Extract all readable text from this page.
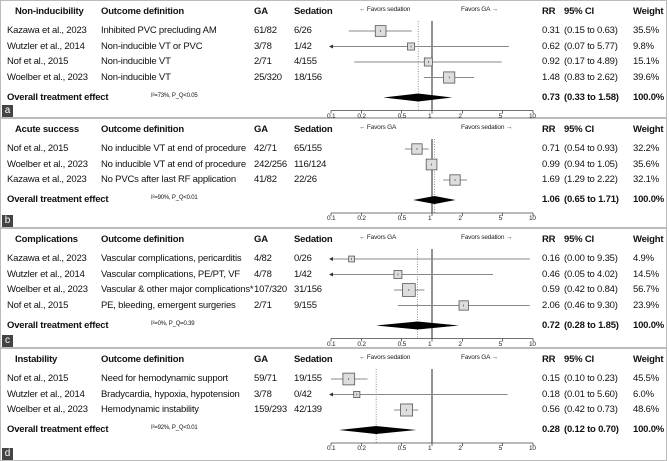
Non-inducibility Outcome definition	GA	Sedation	RR 95% CI	Weight
← Favors sedation	Favors GA →
Kazawa et al., 2023 Inhibited PVC precluding AM	61/82 6/26	0.31 (0.15 to 0.63) 35.5%
Wutzler et al., 2014 Non-inducible VT or PVC	3/78 1/42	0.62 (0.07 to 5.77) 9.8%
Nof et al., 2015	Non-inducible VT	2/71 4/155	0.92 (0.17 to 4.89) 15.1%
Woelber et al., 2023 Non-inducible VT	25/320 18/156	1.48 (0.83 to 2.62) 39.6%
Overall treatment effect	I²=73%, P_Q<0.05	0.73 (0.33 to 1.58) 100.0%
0.1	0.2	0.5	1	2	5	10
a
Acute success Outcome definition	GA	Sedation	RR 95% CI	Weight
← Favors GA	Favors sedation →
Nof et al., 2015	No inducible VT at end of procedure 42/71 65/155	0.71 (0.54 to 0.93) 32.2%
Woelber et al., 2023 No inducible VT at end of procedure 242/256 116/124	0.99 (0.94 to 1.05) 35.6%
Kazawa et al., 2023 No PVCs after last RF application 41/82 22/26	1.69 (1.29 to 2.22) 32.1%
Overall treatment effect	I²=90%, P_Q<0.01	1.06 (0.65 to 1.71) 100.0%
0.1	0.2	0.5	1	2	5	10
b
Complications Outcome definition	GA	Sedation	RR 95% CI	Weight
← Favors GA	Favors sedation →
Kazawa et al., 2023 Vascular complications, pericarditis 4/82 0/26	0.16 (0.00 to 9.35) 4.9%
Wutzler et al., 2014 Vascular complications, PE/PT, VF 4/78 1/42	0.46 (0.05 to 4.02) 14.5%
Woelber et al., 2023 Vascular & other major complications* 107/320 31/156	0.59 (0.42 to 0.84) 56.7%
Nof et al., 2015	PE, bleeding, emergent surgeries 2/71 9/155	2.06 (0.46 to 9.30) 23.9%
Overall treatment effect	I²=0%, P_Q=0.39	0.72 (0.28 to 1.85) 100.0%
0.1	0.2	0.5	1	2	5	10
c
Instability	Outcome definition	GA	Sedation	RR 95% CI	Weight
← Favors sedation	Favors GA →
Nof et al., 2015	Need for hemodynamic support	59/71 19/155	0.15 (0.10 to 0.23) 45.5%
Wutzler et al., 2014 Bradycardia, hypoxia, hypotension 3/78 0/42	0.18 (0.01 to 5.60) 6.0%
Woelber et al., 2023 Hemodynamic instability	159/293 42/139	0.56 (0.42 to 0.73) 48.6%
Overall treatment effect	I²=92%, P_Q<0.01	0.28 (0.12 to 0.70) 100.0%
0.1	0.2	0.5	1	2	5	10
d
